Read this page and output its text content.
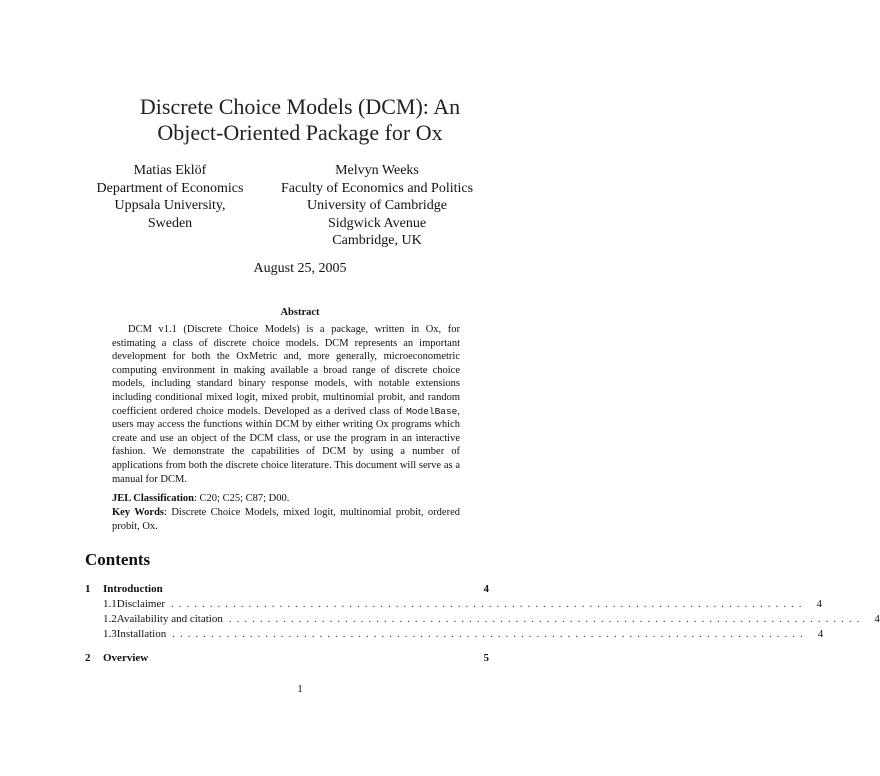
Discrete Choice Models (DCM): An
Object-Oriented Package for Ox
Matias Eklöf
Department of Economics
Uppsala University,
Sweden
Melvyn Weeks
Faculty of Economics and Politics
University of Cambridge
Sidgwick Avenue
Cambridge, UK
August 25, 2005
Abstract
DCM v1.1 (Discrete Choice Models) is a package, written in Ox, for estimating a class of discrete choice models. DCM represents an important development for both the OxMetric and, more generally, microeconometric computing environment in making available a broad range of discrete choice models, including standard binary response models, with notable extensions including conditional mixed logit, mixed probit, multinomial probit, and random coefficient ordered choice models. Developed as a derived class of ModelBase, users may access the functions within DCM by either writing Ox programs which create and use an object of the DCM class, or use the program in an interactive fashion. We demonstrate the capabilities of DCM by using a number of applications from both the discrete choice literature. This document will serve as a manual for DCM.
JEL Classification: C20; C25; C87; D00.
Key Words: Discrete Choice Models, mixed logit, multinomial probit, ordered probit, Ox.
Contents
1	Introduction	4
1.1 Disclaimer .................................................................................. 4
1.2 Availability and citation .................................................................................. 4
1.3 Installation .................................................................................. 4
2	Overview	5
1
